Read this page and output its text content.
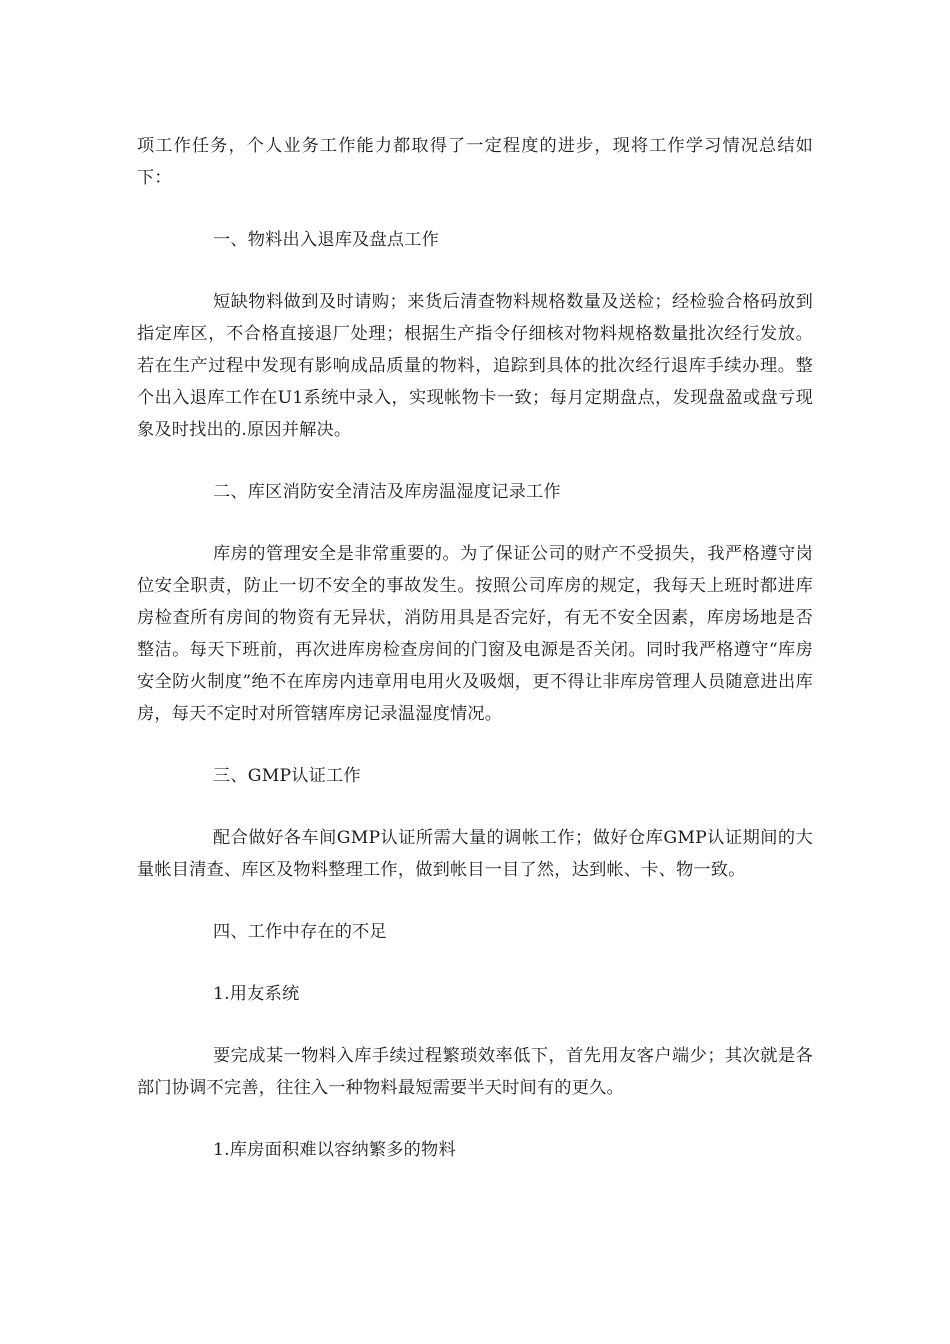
项工作任务，个人业务工作能力都取得了一定程度的进步，现将工作学习情况总结如下：

一、物料出入退库及盘点工作

短缺物料做到及时请购；来货后清查物料规格数量及送检；经检验合格码放到指定库区，不合格直接退厂处理；根据生产指令仔细核对物料规格数量批次经行发放。若在生产过程中发现有影响成品质量的物料，追踪到具体的批次经行退库手续办理。整个出入退库工作在U1系统中录入，实现帐物卡一致；每月定期盘点，发现盘盈或盘亏现象及时找出的.原因并解决。

二、库区消防安全清洁及库房温湿度记录工作

库房的管理安全是非常重要的。为了保证公司的财产不受损失，我严格遵守岗位安全职责，防止一切不安全的事故发生。按照公司库房的规定，我每天上班时都进库房检查所有房间的物资有无异状，消防用具是否完好，有无不安全因素，库房场地是否整洁。每天下班前，再次进库房检查房间的门窗及电源是否关闭。同时我严格遵守“库房安全防火制度”绝不在库房内违章用电用火及吸烟，更不得让非库房管理人员随意进出库房，每天不定时对所管辖库房记录温湿度情况。

三、GMP认证工作

配合做好各车间GMP认证所需大量的调帐工作；做好仓库GMP认证期间的大量帐目清查、库区及物料整理工作，做到帐目一目了然，达到帐、卡、物一致。

四、工作中存在的不足

1.用友系统

要完成某一物料入库手续过程繁琐效率低下，首先用友客户端少；其次就是各部门协调不完善，往往入一种物料最短需要半天时间有的更久。

1.库房面积难以容纳繁多的物料
